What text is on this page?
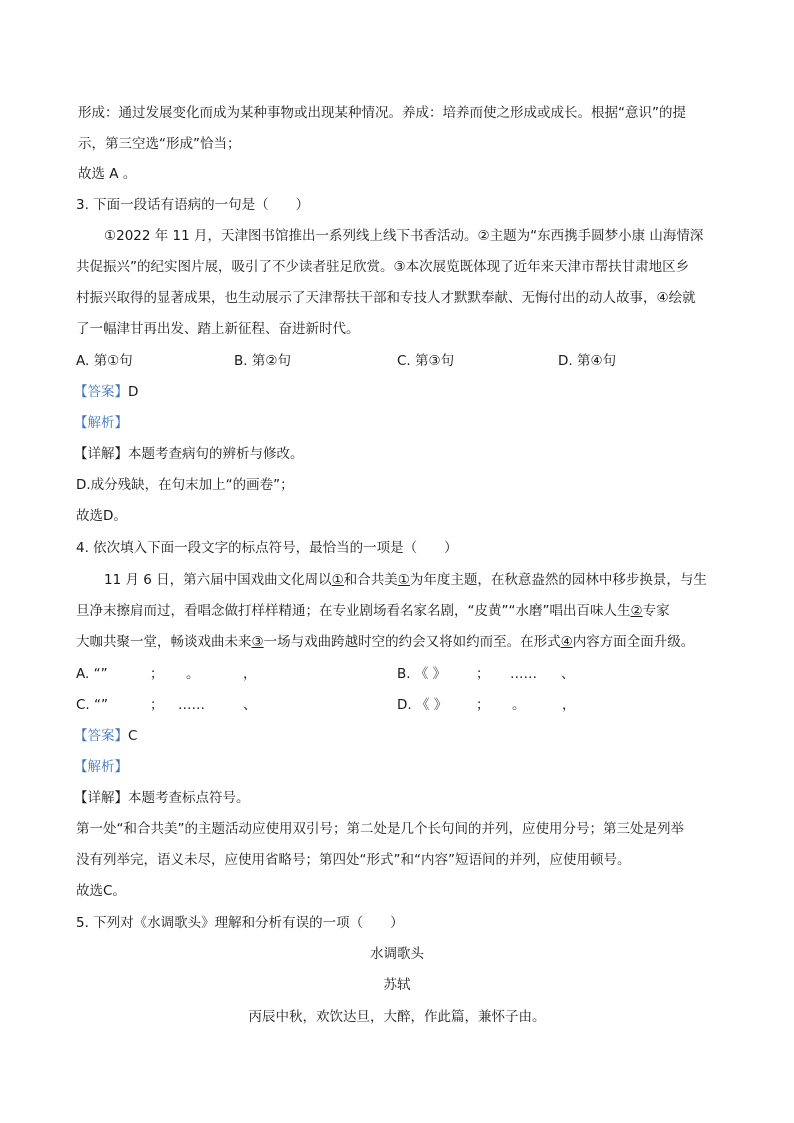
形成：通过发展变化而成为某种事物或出现某种情况。养成：培养而使之形成或成长。根据“意识”的提
示，第三空选“形成”恰当；
故选 A 。
3. 下面一段话有语病的一句是（　　）
①2022 年 11 月，天津图书馆推出一系列线上线下书香活动。②主题为“东西携手圆梦小康 山海情深
共促振兴”的纪实图片展，吸引了不少读者驻足欣赏。③本次展览既体现了近年来天津市帮扶甘肃地区乡
村振兴取得的显著成果，也生动展示了天津帮扶干部和专技人才默默奉献、无悔付出的动人故事，④绘就
了一幅津甘再出发、踏上新征程、奋进新时代。
A. 第①句	B. 第②句	C. 第③句	D. 第④句
【答案】D
【解析】
【详解】本题考查病句的辨析与修改。
D.成分残缺，在句末加上“的画卷”；
故选D。
4. 依次填入下面一段文字的标点符号，最恰当的一项是（　　）
11 月 6 日，第六届中国戏曲文化周以①和合共美①为年度主题，在秋意盎然的园林中移步换景，与生
旦净末擦肩而过，看唱念做打样样精通；在专业剧场看名家名剧，“皮黄”“水磨”唱出百味人生②专家
大咖共聚一堂，畅谈戏曲未来③一场与戏曲跨越时空的约会又将如约而至。在形式④内容方面全面升级。
A. “”	； 。	，	B. 《 》 ； …… 、
C. “”	； ……	、	D. 《 》 ； 。	，
【答案】C
【解析】
【详解】本题考查标点符号。
第一处“和合共美”的主题活动应使用双引号；第二处是几个长句间的并列，应使用分号；第三处是列举
没有列举完，语义未尽，应使用省略号；第四处“形式”和“内容”短语间的并列，应使用顿号。
故选C。
5. 下列对《水调歌头》理解和分析有误的一项（　　）
水调歌头
苏轼
丙辰中秋，欢饮达旦，大醉，作此篇，兼怀子由。
